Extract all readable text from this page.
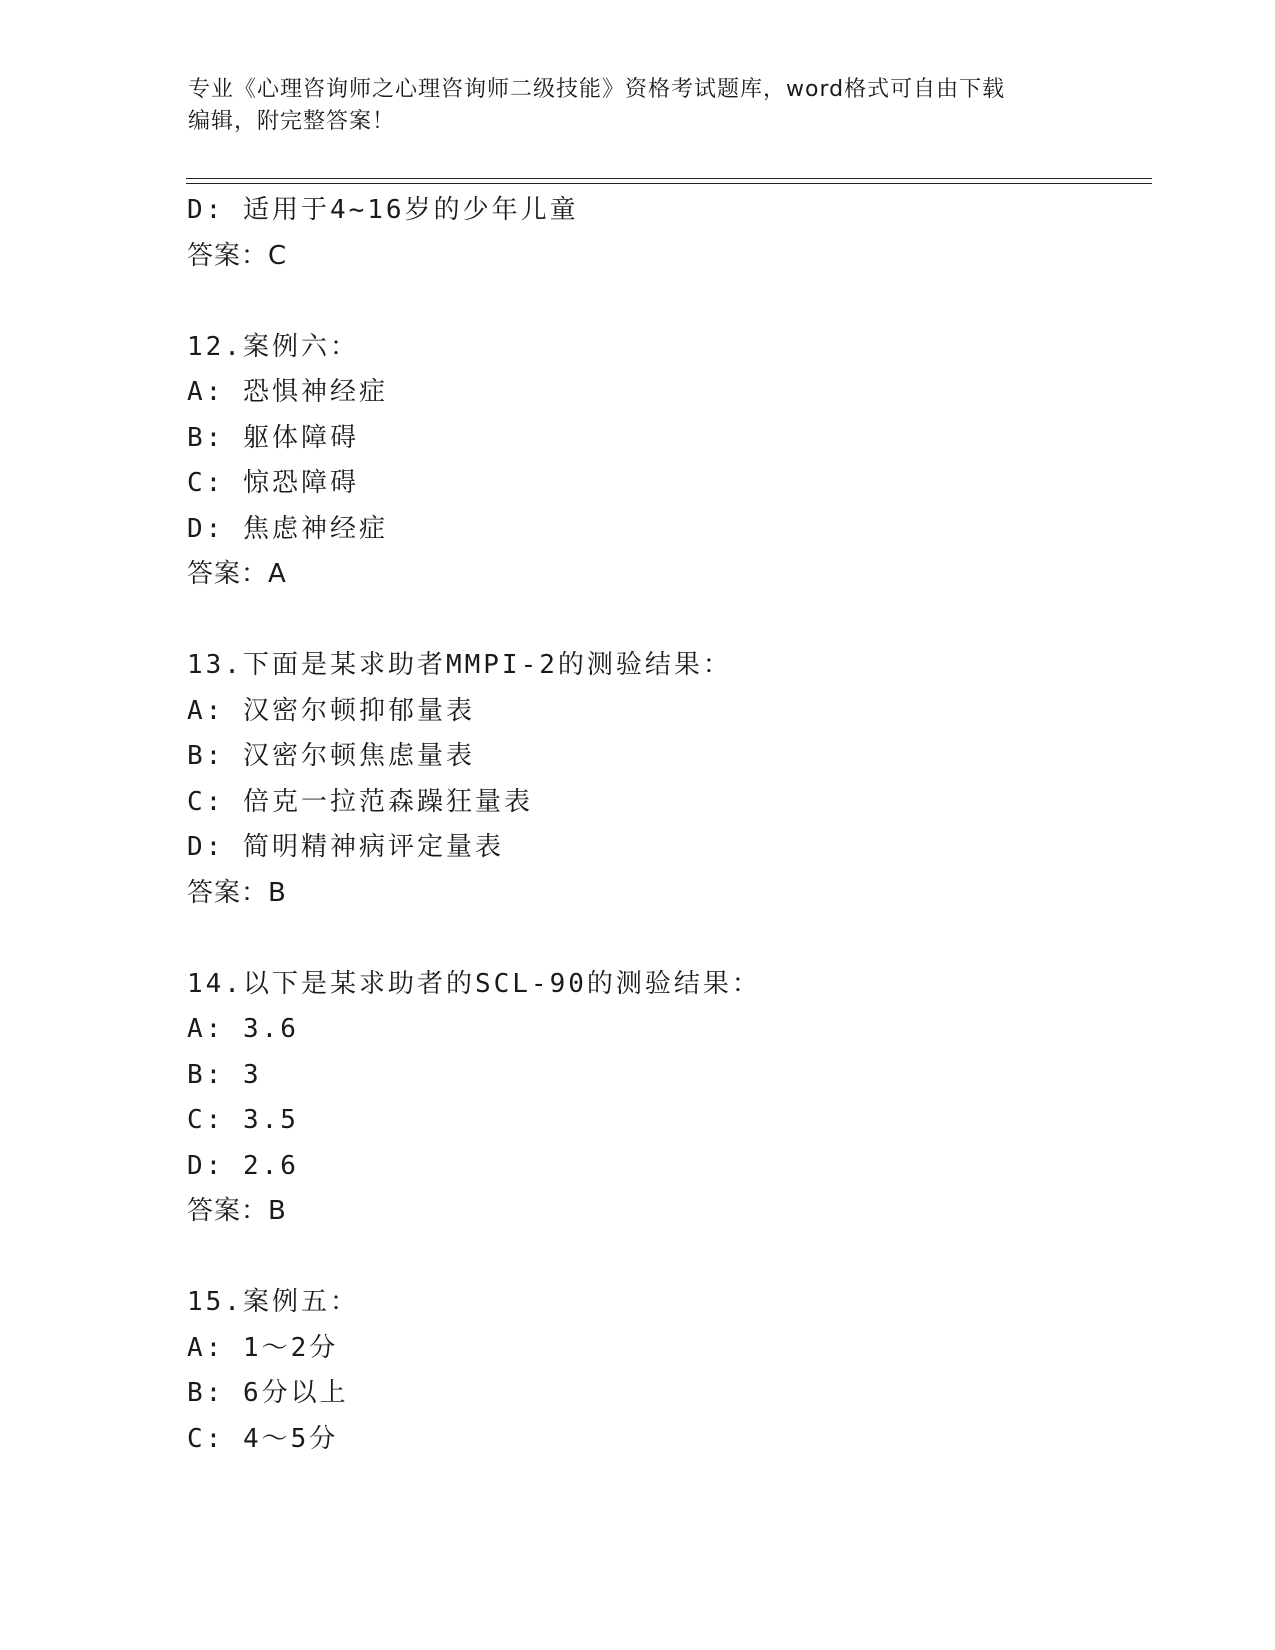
专业《心理咨询师之心理咨询师二级技能》资格考试题库，word格式可自由下载
编辑，附完整答案！
D: 适用于4~16岁的少年儿童
答案：C
12.案例六：
A: 恐惧神经症
B: 躯体障碍
C: 惊恐障碍
D: 焦虑神经症
答案：A
13.下面是某求助者MMPI-2的测验结果：
A: 汉密尔顿抑郁量表
B: 汉密尔顿焦虑量表
C: 倍克一拉范森躁狂量表
D: 简明精神病评定量表
答案：B
14.以下是某求助者的SCL-90的测验结果：
A: 3.6
B: 3
C: 3.5
D: 2.6
答案：B
15.案例五：
A: 1～2分
B: 6分以上
C: 4～5分
